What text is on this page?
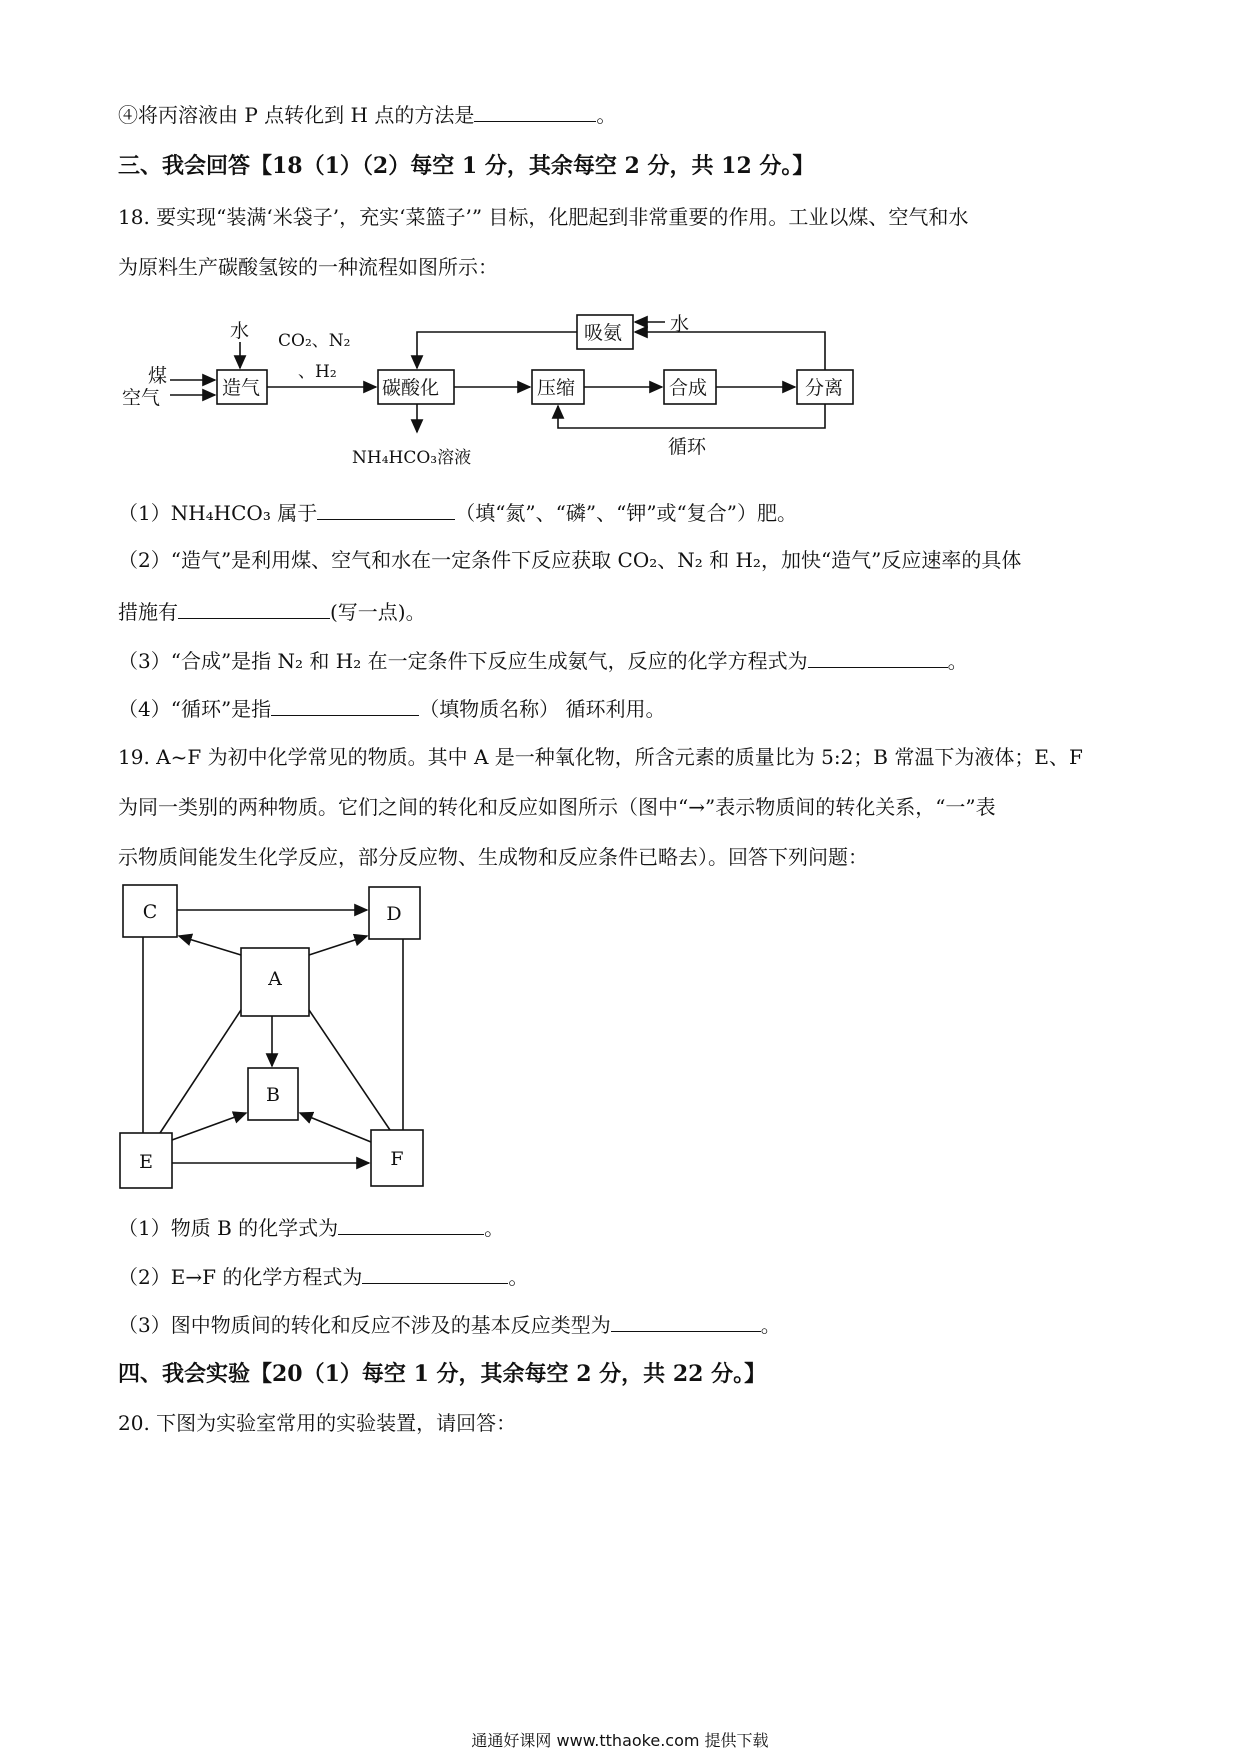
④将丙溶液由 P 点转化到 H 点的方法是	。
三、我会回答【18（1）（2）每空 1 分，其余每空 2 分，共 12 分。】
18. 要实现“装满‘米袋子’，充实‘菜篮子’” 目标，化肥起到非常重要的作用。工业以煤、空气和水
为原料生产碳酸氢铵的一种流程如图所示：
煤
空气
水 CO₂、N₂
、H₂
造气	碳酸化	压缩	合成	分离
吸氨	水
NH₄HCO₃溶液	循环
（1）NH₄HCO₃ 属于	（填“氮”、“磷”、“钾”或“复合”）肥。
（2）“造气”是利用煤、空气和水在一定条件下反应获取 CO₂、N₂ 和 H₂，加快“造气”反应速率的具体
措施有	(写一点)。
（3）“合成”是指 N₂ 和 H₂ 在一定条件下反应生成氨气，反应的化学方程式为	。
（4）“循环”是指	（填物质名称） 循环利用。
19. A~F 为初中化学常见的物质。其中 A 是一种氧化物，所含元素的质量比为 5:2；B 常温下为液体；E、F
为同一类别的两种物质。它们之间的转化和反应如图所示（图中“→”表示物质间的转化关系，“一”表
示物质间能发生化学反应，部分反应物、生成物和反应条件已略去）。回答下列问题：
C	D
A
B
E	F
（1）物质 B 的化学式为	。
（2）E→F 的化学方程式为	。
（3）图中物质间的转化和反应不涉及的基本反应类型为	。
四、我会实验【20（1）每空 1 分，其余每空 2 分，共 22 分。】
20. 下图为实验室常用的实验装置，请回答：
通通好课网 www.tthaoke.com 提供下载
